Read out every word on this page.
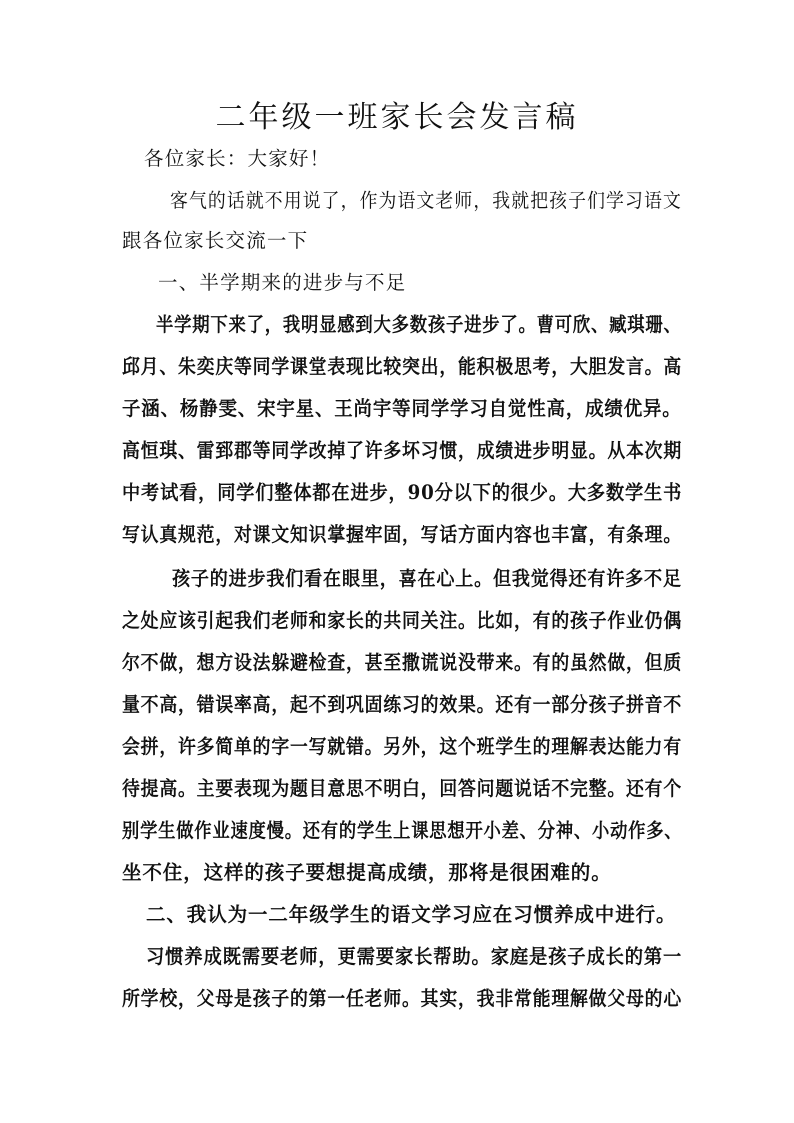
二年级一班家长会发言稿

各位家长：大家好！

客气的话就不用说了，作为语文老师，我就把孩子们学习语文

跟各位家长交流一下

一、半学期来的进步与不足

半学期下来了，我明显感到大多数孩子进步了。曹可欣、臧琪珊、

邱月、朱奕庆等同学课堂表现比较突出，能积极思考，大胆发言。高

子涵、杨静雯、宋宇星、王尚宇等同学学习自觉性高，成绩优异。

高恒琪、雷郅郡等同学改掉了许多坏习惯，成绩进步明显。从本次期

中考试看，同学们整体都在进步，90分以下的很少。大多数学生书

写认真规范，对课文知识掌握牢固，写话方面内容也丰富，有条理。

孩子的进步我们看在眼里，喜在心上。但我觉得还有许多不足

之处应该引起我们老师和家长的共同关注。比如，有的孩子作业仍偶

尔不做，想方设法躲避检查，甚至撒谎说没带来。有的虽然做，但质

量不高，错误率高，起不到巩固练习的效果。还有一部分孩子拼音不

会拼，许多简单的字一写就错。另外，这个班学生的理解表达能力有

待提高。主要表现为题目意思不明白，回答问题说话不完整。还有个

别学生做作业速度慢。还有的学生上课思想开小差、分神、小动作多、

坐不住，这样的孩子要想提高成绩，那将是很困难的。

二、我认为一二年级学生的语文学习应在习惯养成中进行。

习惯养成既需要老师，更需要家长帮助。家庭是孩子成长的第一

所学校，父母是孩子的第一任老师。其实，我非常能理解做父母的心
